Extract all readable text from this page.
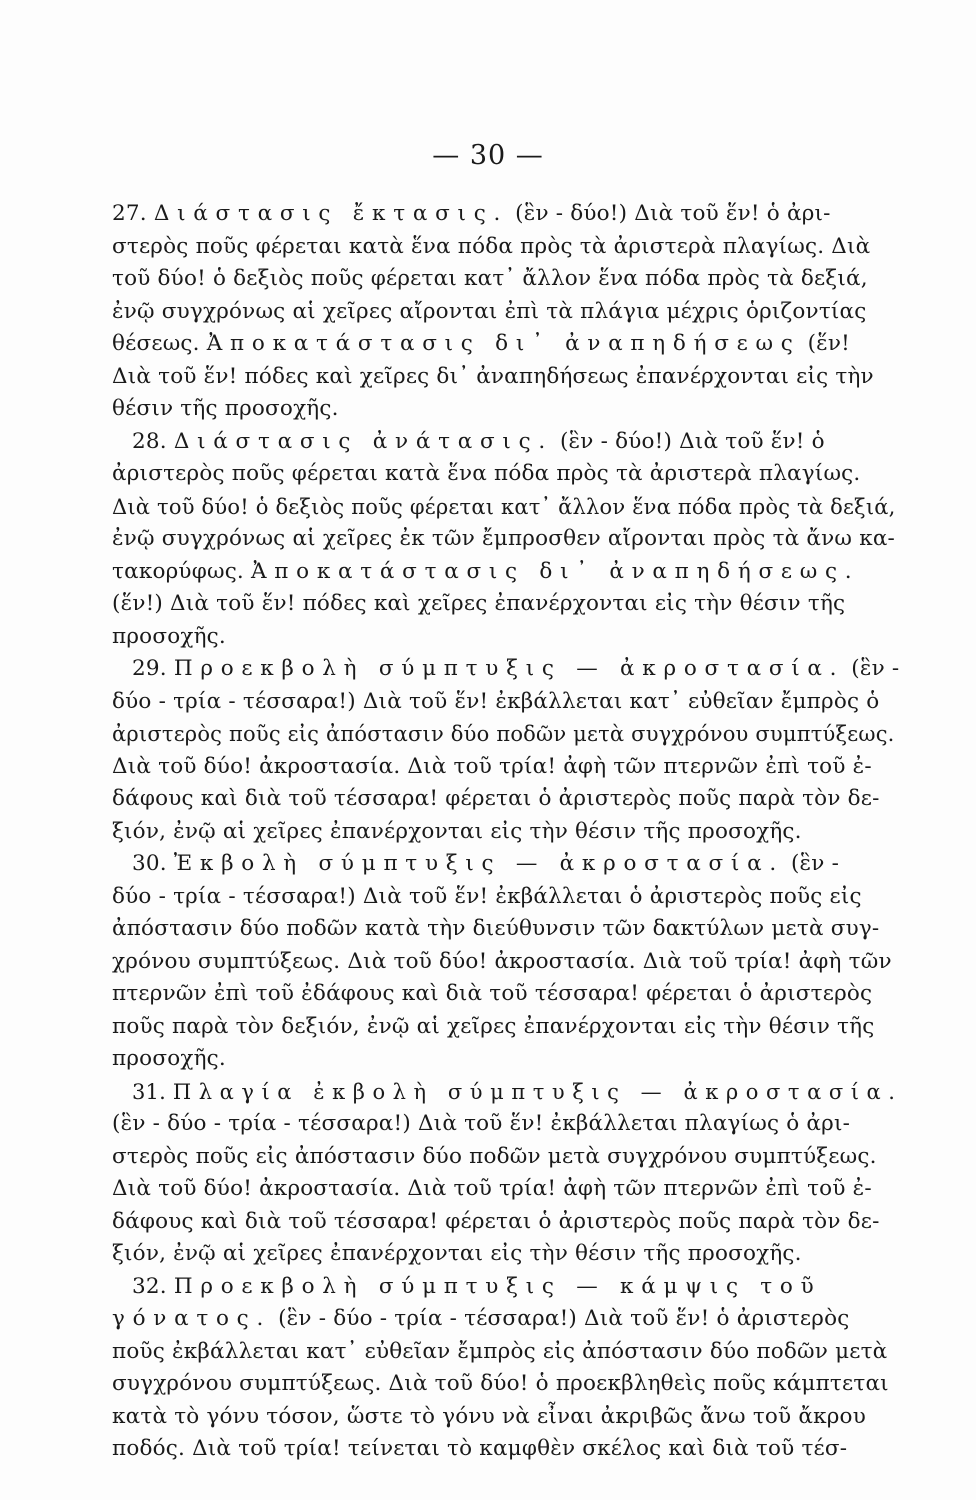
— 30 —
27. Διάστασις ἔκτασις. (ἓν - δύο!) Διὰ τοῦ ἕν! ὁ ἀρι-
στερὸς ποῦς φέρεται κατὰ ἕνα πόδα πρὸς τὰ ἀριστερὰ πλαγίως. Διὰ
τοῦ δύο! ὁ δεξιὸς ποῦς φέρεται κατ᾽ ἄλλον ἕνα πόδα πρὸς τὰ δεξιά,
ἐνῷ συγχρόνως αἱ χεῖρες αἴρονται ἐπὶ τὰ πλάγια μέχρις ὁριζοντίας
θέσεως. Ἀποκατάστασις δι᾽ ἀναπηδήσεως (ἕν!
Διὰ τοῦ ἕν! πόδες καὶ χεῖρες δι᾽ ἀναπηδήσεως ἐπανέρχονται εἰς τὴν
θέσιν τῆς προσοχῆς.
28. Διάστασις ἀνάτασις. (ἓν - δύο!) Διὰ τοῦ ἕν! ὁ
ἀριστερὸς ποῦς φέρεται κατὰ ἕνα πόδα πρὸς τὰ ἀριστερὰ πλαγίως.
Διὰ τοῦ δύο! ὁ δεξιὸς ποῦς φέρεται κατ᾽ ἄλλον ἕνα πόδα πρὸς τὰ δεξιά,
ἐνῷ συγχρόνως αἱ χεῖρες ἐκ τῶν ἔμπροσθεν αἴρονται πρὸς τὰ ἄνω κα-
τακορύφως. Ἀποκατάστασις δι᾽ ἀναπηδήσεως.
(ἕν!) Διὰ τοῦ ἕν! πόδες καὶ χεῖρες ἐπανέρχονται εἰς τὴν θέσιν τῆς
προσοχῆς.
29. Προεκβολὴ σύμπτυξις — ἀκροστασία. (ἓν -
δύο - τρία - τέσσαρα!) Διὰ τοῦ ἕν! ἐκβάλλεται κατ᾽ εὐθεῖαν ἔμπρὸς ὁ
ἀριστερὸς ποῦς εἰς ἀπόστασιν δύο ποδῶν μετὰ συγχρόνου συμπτύξεως.
Διὰ τοῦ δύο! ἀκροστασία. Διὰ τοῦ τρία! ἀφὴ τῶν πτερνῶν ἐπὶ τοῦ ἐ-
δάφους καὶ διὰ τοῦ τέσσαρα! φέρεται ὁ ἀριστερὸς ποῦς παρὰ τὸν δε-
ξιόν, ἐνῷ αἱ χεῖρες ἐπανέρχονται εἰς τὴν θέσιν τῆς προσοχῆς.
30. Ἐκβολὴ σύμπτυξις — ἀκροστασία. (ἓν -
δύο - τρία - τέσσαρα!) Διὰ τοῦ ἕν! ἐκβάλλεται ὁ ἀριστερὸς ποῦς εἰς
ἀπόστασιν δύο ποδῶν κατὰ τὴν διεύθυνσιν τῶν δακτύλων μετὰ συγ-
χρόνου συμπτύξεως. Διὰ τοῦ δύο! ἀκροστασία. Διὰ τοῦ τρία! ἀφὴ τῶν
πτερνῶν ἐπὶ τοῦ ἐδάφους καὶ διὰ τοῦ τέσσαρα! φέρεται ὁ ἀριστερὸς
ποῦς παρὰ τὸν δεξιόν, ἐνῷ αἱ χεῖρες ἐπανέρχονται εἰς τὴν θέσιν τῆς
προσοχῆς.
31. Πλαγία ἐκβολὴ σύμπτυξις — ἀκροστασία.
(ἓν - δύο - τρία - τέσσαρα!) Διὰ τοῦ ἕν! ἐκβάλλεται πλαγίως ὁ ἀρι-
στερὸς ποῦς εἰς ἀπόστασιν δύο ποδῶν μετὰ συγχρόνου συμπτύξεως.
Διὰ τοῦ δύο! ἀκροστασία. Διὰ τοῦ τρία! ἀφὴ τῶν πτερνῶν ἐπὶ τοῦ ἐ-
δάφους καὶ διὰ τοῦ τέσσαρα! φέρεται ὁ ἀριστερὸς ποῦς παρὰ τὸν δε-
ξιόν, ἐνῷ αἱ χεῖρες ἐπανέρχονται εἰς τὴν θέσιν τῆς προσοχῆς.
32. Προεκβολὴ σύμπτυξις — κάμψις τοῦ
γόνατος. (ἓν - δύο - τρία - τέσσαρα!) Διὰ τοῦ ἕν! ὁ ἀριστερὸς
ποῦς ἐκβάλλεται κατ᾽ εὐθεῖαν ἔμπρὸς εἰς ἀπόστασιν δύο ποδῶν μετὰ
συγχρόνου συμπτύξεως. Διὰ τοῦ δύο! ὁ προεκβληθεὶς ποῦς κάμπτεται
κατὰ τὸ γόνυ τόσον, ὥστε τὸ γόνυ νὰ εἶναι ἀκριβῶς ἄνω τοῦ ἄκρου
ποδός. Διὰ τοῦ τρία! τείνεται τὸ καμφθὲν σκέλος καὶ διὰ τοῦ τέσ-
